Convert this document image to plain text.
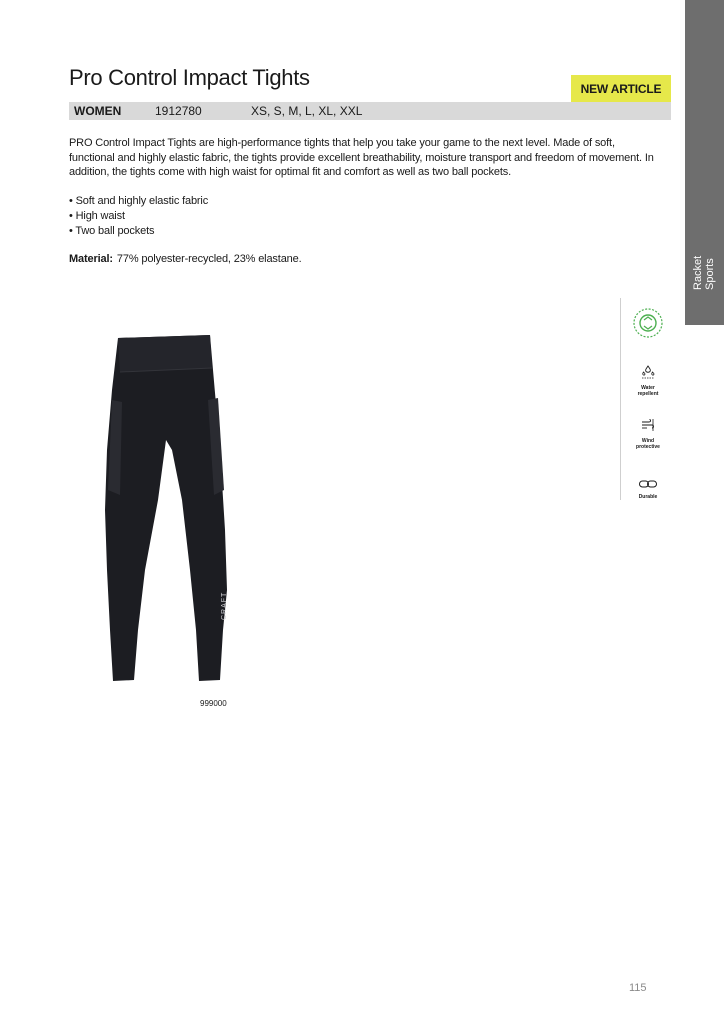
Pro Control Impact Tights	NEW ARTICLE
WOMEN	1912780	XS, S, M, L, XL, XXL

PRO Control Impact Tights are high-performance tights that help you take your game to the next level. Made of soft, functional and highly elastic fabric, the tights provide excellent breathability, moisture transport and freedom of movement. In addition, the tights come with high waist for optimal fit and comfort as well as two ball pockets.

• Soft and highly elastic fabric
• High waist
• Two ball pockets
Material: 77% polyester-recycled, 23% elastane.	Racket Sports
Water
repellent
Wind
protective
Durable
CRAFT
999000
115
